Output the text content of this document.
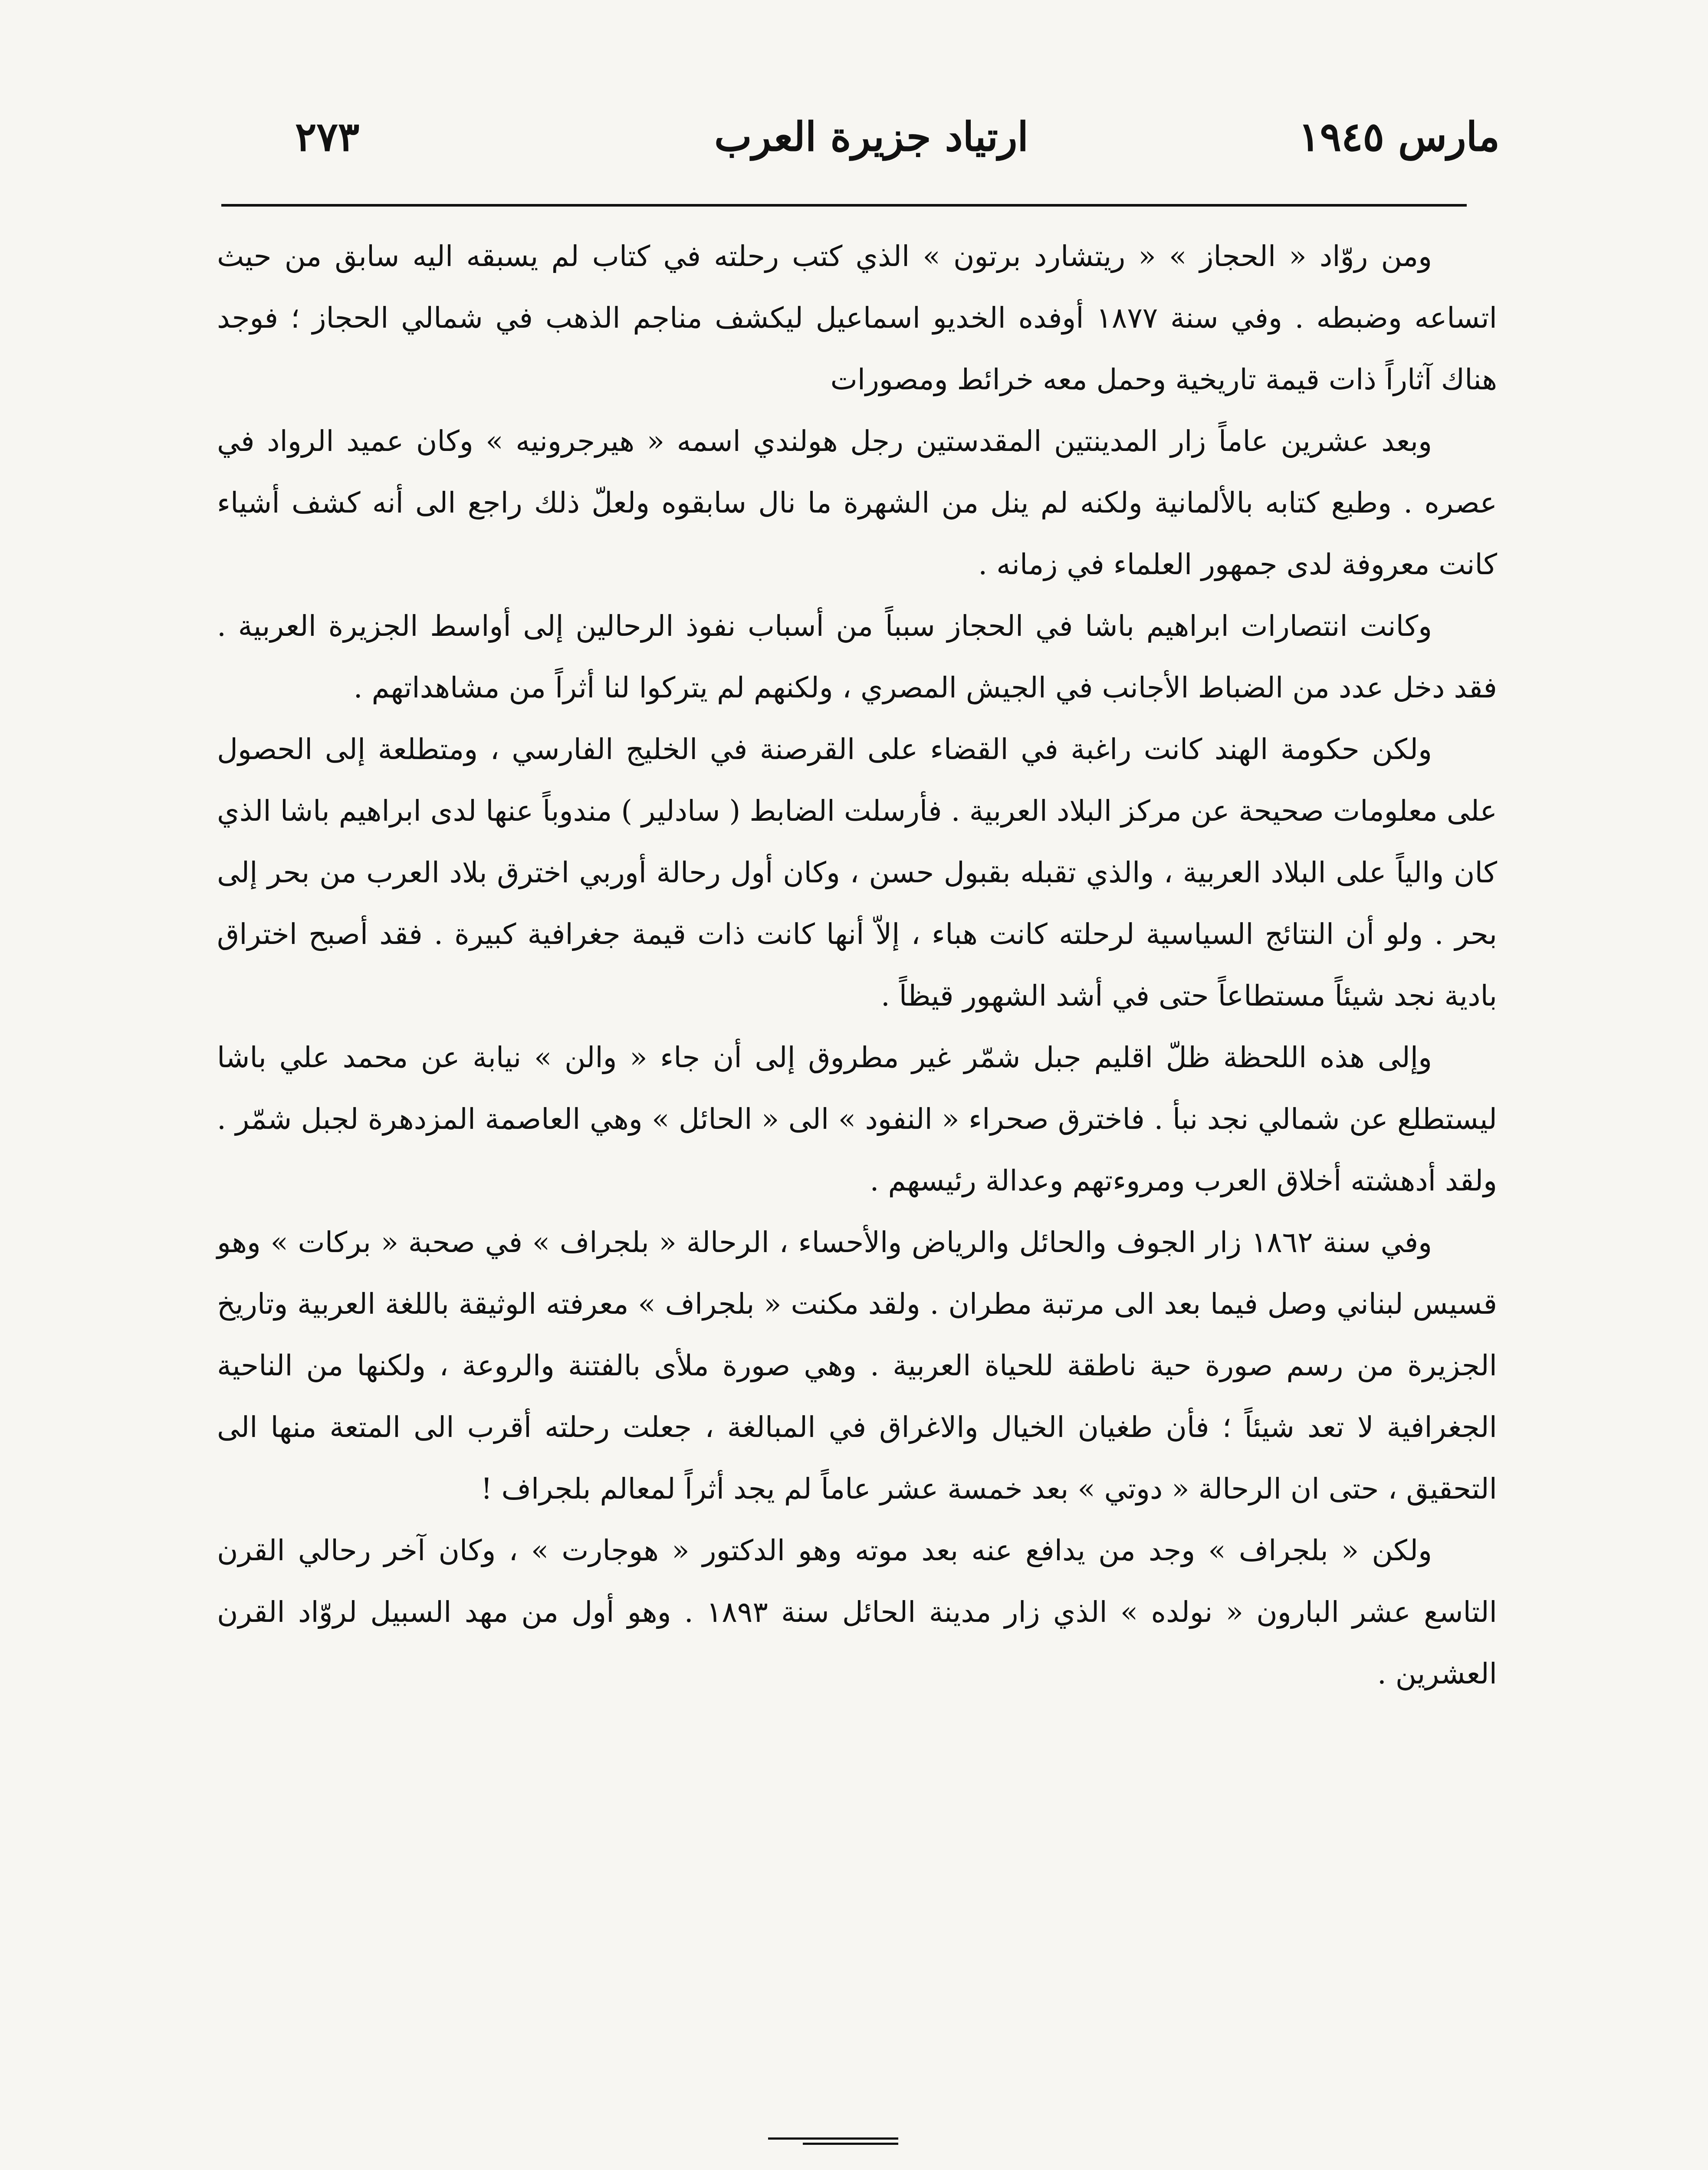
مارس ١٩٤٥
ارتياد جزيرة العرب
٢٧٣

ومن روّاد « الحجاز » « ريتشارد برتون » الذي كتب رحلته في كتاب لم يسبقه اليه سابق من حيث اتساعه وضبطه . وفي سنة ١٨٧٧ أوفده الخديو اسماعيل ليكشف مناجم الذهب في شمالي الحجاز ؛ فوجد هناك آثاراً ذات قيمة تاريخية وحمل معه خرائط ومصورات

وبعد عشرين عاماً زار المدينتين المقدستين رجل هولندي اسمه « هيرجرونيه » وكان عميد الرواد في عصره . وطبع كتابه بالألمانية ولكنه لم ينل من الشهرة ما نال سابقوه ولعلّ ذلك راجع الى أنه كشف أشياء كانت معروفة لدى جمهور العلماء في زمانه .

وكانت انتصارات ابراهيم باشا في الحجاز سبباً من أسباب نفوذ الرحالين إلى أواسط الجزيرة العربية . فقد دخل عدد من الضباط الأجانب في الجيش المصري ، ولكنهم لم يتركوا لنا أثراً من مشاهداتهم .

ولكن حكومة الهند كانت راغبة في القضاء على القرصنة في الخليج الفارسي ، ومتطلعة إلى الحصول على معلومات صحيحة عن مركز البلاد العربية . فأرسلت الضابط ( سادلير ) مندوباً عنها لدى ابراهيم باشا الذي كان والياً على البلاد العربية ، والذي تقبله بقبول حسن ، وكان أول رحالة أوربي اخترق بلاد العرب من بحر إلى بحر . ولو أن النتائج السياسية لرحلته كانت هباء ، إلاّ أنها كانت ذات قيمة جغرافية كبيرة . فقد أصبح اختراق بادية نجد شيئاً مستطاعاً حتى في أشد الشهور قيظاً .

وإلى هذه اللحظة ظلّ اقليم جبل شمّر غير مطروق إلى أن جاء « والن » نيابة عن محمد علي باشا ليستطلع عن شمالي نجد نبأ . فاخترق صحراء « النفود » الى « الحائل » وهي العاصمة المزدهرة لجبل شمّر . ولقد أدهشته أخلاق العرب ومروءتهم وعدالة رئيسهم .

وفي سنة ١٨٦٢ زار الجوف والحائل والرياض والأحساء ، الرحالة « بلجراف » في صحبة « بركات » وهو قسيس لبناني وصل فيما بعد الى مرتبة مطران . ولقد مكنت « بلجراف » معرفته الوثيقة باللغة العربية وتاريخ الجزيرة من رسم صورة حية ناطقة للحياة العربية . وهي صورة ملأى بالفتنة والروعة ، ولكنها من الناحية الجغرافية لا تعد شيئاً ؛ فأن طغيان الخيال والاغراق في المبالغة ، جعلت رحلته أقرب الى المتعة منها الى التحقيق ، حتى ان الرحالة « دوتي » بعد خمسة عشر عاماً لم يجد أثراً لمعالم بلجراف !

ولكن « بلجراف » وجد من يدافع عنه بعد موته وهو الدكتور « هوجارت » ، وكان آخر رحالي القرن التاسع عشر البارون « نولده » الذي زار مدينة الحائل سنة ١٨٩٣ . وهو أول من مهد السبيل لروّاد القرن العشرين .
